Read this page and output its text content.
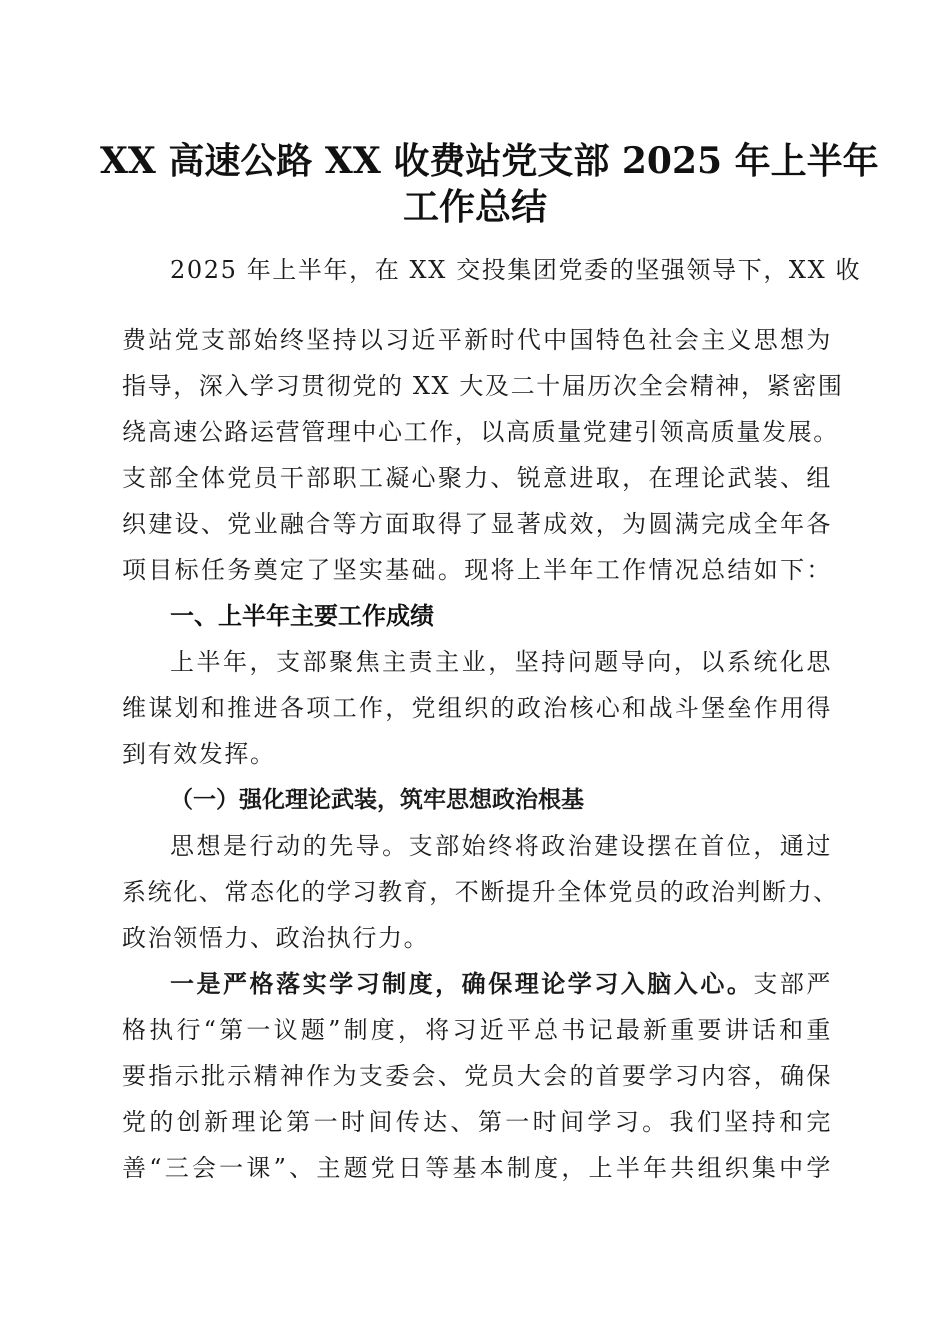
XX 高速公路 XX 收费站党支部 2025 年上半年
工作总结
2025 年上半年，在 XX 交投集团党委的坚强领导下，XX 收
费站党支部始终坚持以习近平新时代中国特色社会主义思想为
指导，深入学习贯彻党的 XX 大及二十届历次全会精神，紧密围
绕高速公路运营管理中心工作，以高质量党建引领高质量发展。
支部全体党员干部职工凝心聚力、锐意进取，在理论武装、组
织建设、党业融合等方面取得了显著成效，为圆满完成全年各
项目标任务奠定了坚实基础。现将上半年工作情况总结如下：
一、上半年主要工作成绩
上半年，支部聚焦主责主业，坚持问题导向，以系统化思
维谋划和推进各项工作，党组织的政治核心和战斗堡垒作用得
到有效发挥。
（一）强化理论武装，筑牢思想政治根基
思想是行动的先导。支部始终将政治建设摆在首位，通过
系统化、常态化的学习教育，不断提升全体党员的政治判断力、
政治领悟力、政治执行力。
一是严格落实学习制度，确保理论学习入脑入心。支部严
格执行“第一议题”制度，将习近平总书记最新重要讲话和重
要指示批示精神作为支委会、党员大会的首要学习内容，确保
党的创新理论第一时间传达、第一时间学习。我们坚持和完
善“三会一课”、主题党日等基本制度，上半年共组织集中学
